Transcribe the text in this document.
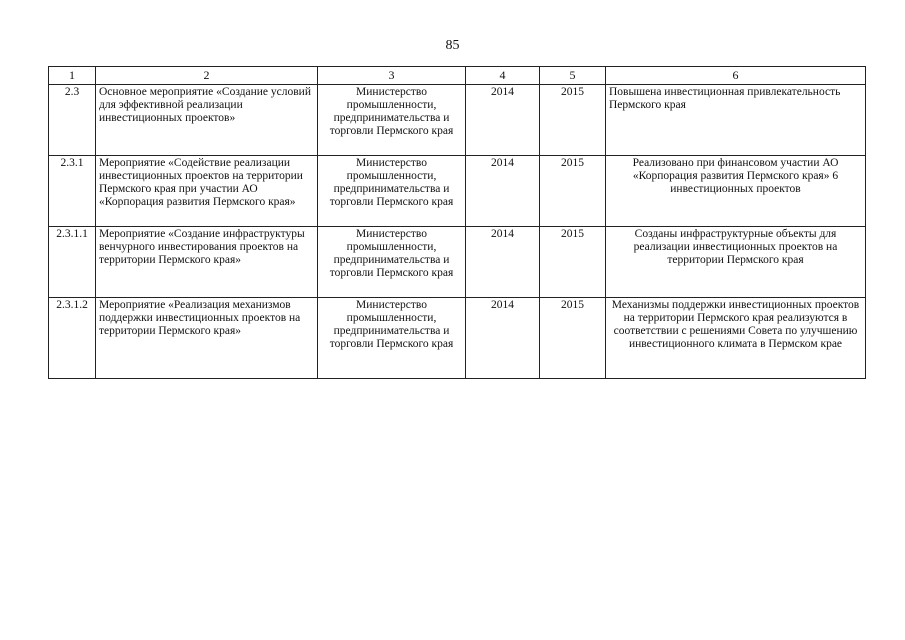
85
1	2	3	4	5	6
2.3	Основное мероприятие «Создание условий для эффективной реализации инвестиционных проектов»	Министерство промышленности, предпринимательства и торговли Пермского края	2014	2015	Повышена инвестиционная привлекательность Пермского края
2.3.1	Мероприятие «Содействие реализации инвестиционных проектов на территории Пермского края при участии АО «Корпорация развития Пермского края»	Министерство промышленности, предпринимательства и торговли Пермского края	2014	2015	Реализовано при финансовом участии АО «Корпорация развития Пермского края» 6 инвестиционных проектов
2.3.1.1	Мероприятие «Создание инфраструктуры венчурного инвестирования проектов на территории Пермского края»	Министерство промышленности, предпринимательства и торговли Пермского края	2014	2015	Созданы инфраструктурные объекты для реализации инвестиционных проектов на территории Пермского края
2.3.1.2	Мероприятие «Реализация механизмов поддержки инвестиционных проектов на территории Пермского края»	Министерство промышленности, предпринимательства и торговли Пермского края	2014	2015	Механизмы поддержки инвестиционных проектов на территории Пермского края реализуются в соответствии с решениями Совета по улучшению инвестиционного климата в Пермском крае
